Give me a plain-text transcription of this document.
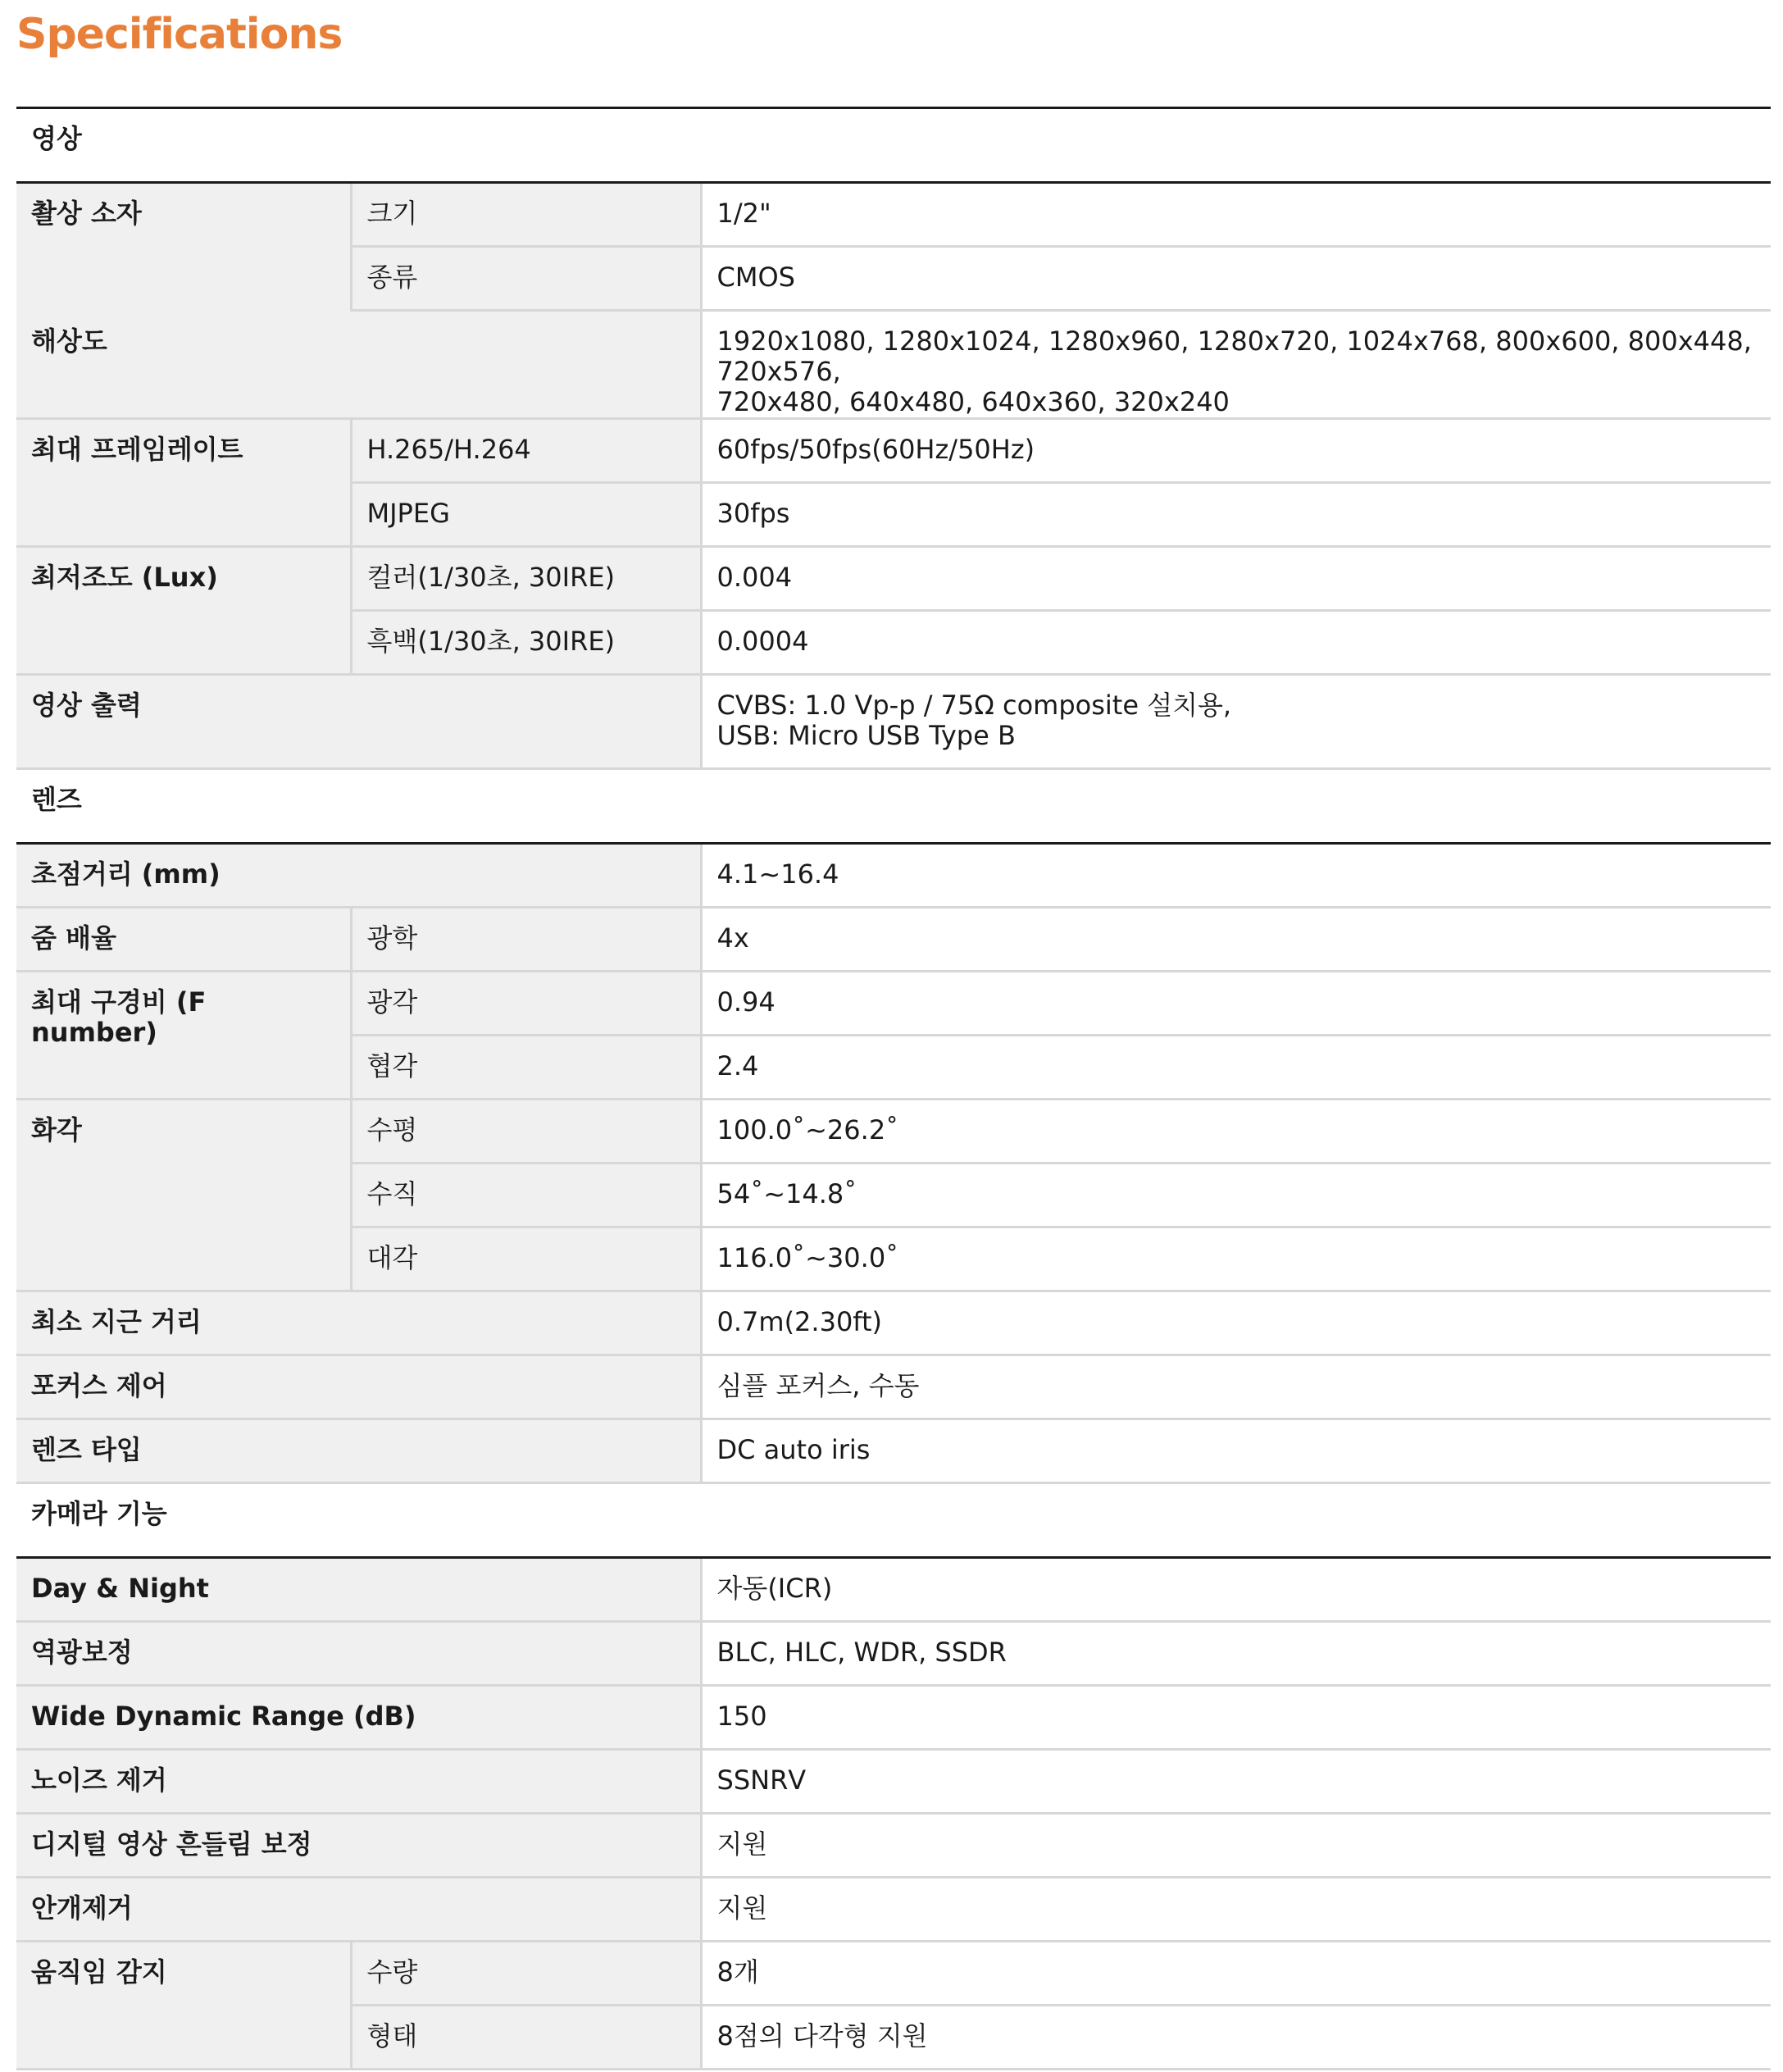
Specifications
영상		
촬상 소자	크기	1/2"
	종류	CMOS
해상도		1920x1080, 1280x1024, 1280x960, 1280x720, 1024x768, 800x600, 800x448, 720x576,
720x480, 640x480, 640x360, 320x240
최대 프레임레이트	H.265/H.264	60fps/50fps(60Hz/50Hz)
	MJPEG	30fps
최저조도 (Lux)	컬러(1/30초, 30IRE)	0.004
	흑백(1/30초, 30IRE)	0.0004
영상 출력		CVBS: 1.0 Vp-p / 75Ω composite 설치용,
USB: Micro USB Type B
렌즈		
초점거리 (mm)		4.1~16.4
줌 배율	광학	4x
최대 구경비 (F number)	광각	0.94
	협각	2.4
화각	수평	100.0˚~26.2˚
	수직	54˚~14.8˚
	대각	116.0˚~30.0˚
최소 지근 거리		0.7m(2.30ft)
포커스 제어		심플 포커스, 수동
렌즈 타입		DC auto iris
카메라 기능		
Day & Night		자동(ICR)
역광보정		BLC, HLC, WDR, SSDR
Wide Dynamic Range (dB)		150
노이즈 제거		SSNRⅤ
디지털 영상 흔들림 보정		지원
안개제거		지원
움직임 감지	수량	8개
	형태	8점의 다각형 지원
